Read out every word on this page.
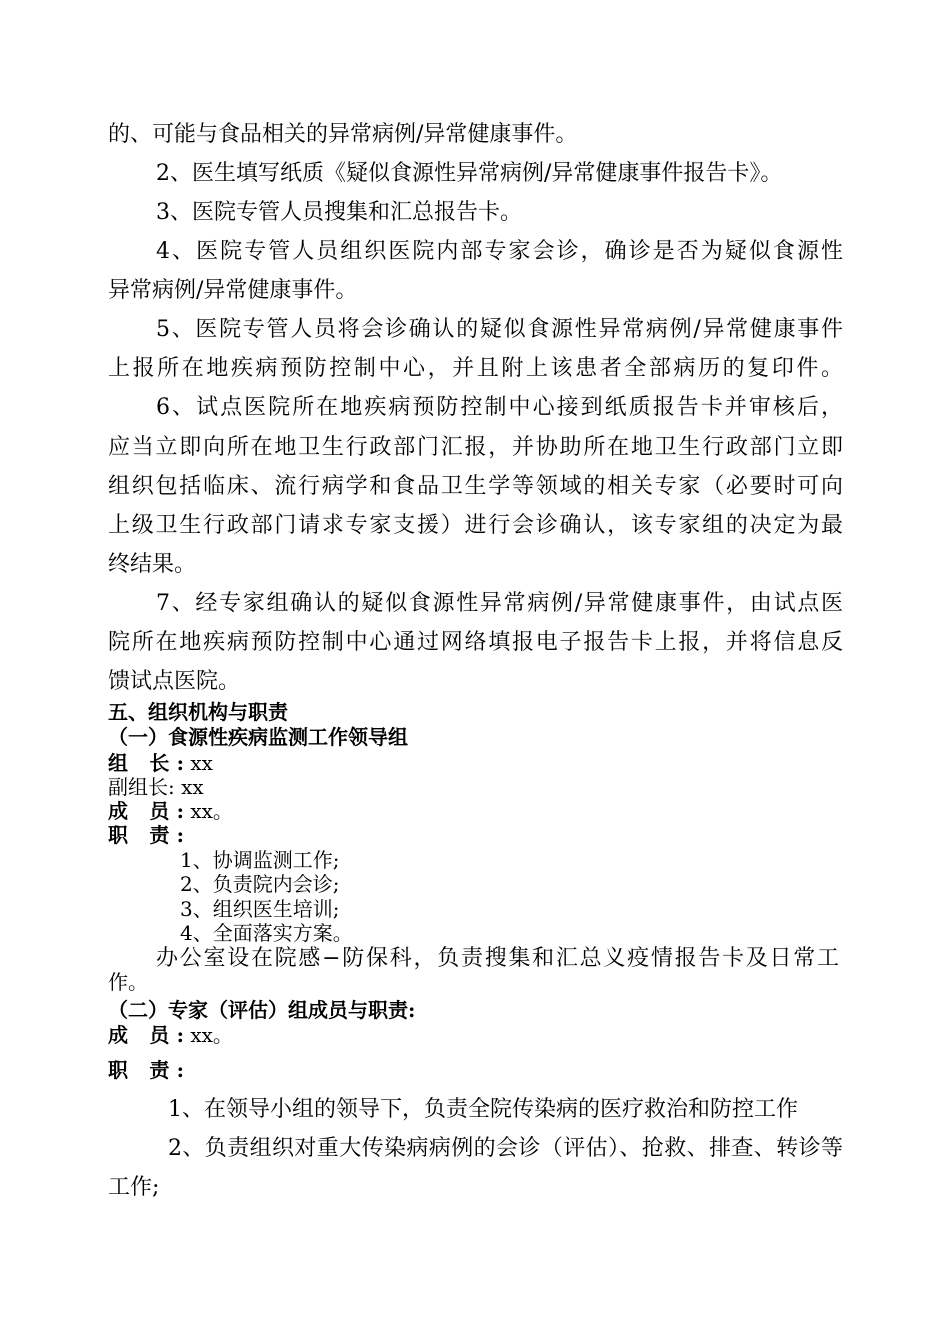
的、可能与食品相关的异常病例/异常健康事件。
2、医生填写纸质《疑似食源性异常病例/异常健康事件报告卡》。
3、医院专管人员搜集和汇总报告卡。
4、医院专管人员组织医院内部专家会诊，确诊是否为疑似食源性
异常病例/异常健康事件。
5、医院专管人员将会诊确认的疑似食源性异常病例/异常健康事件
上报所在地疾病预防控制中心，并且附上该患者全部病历的复印件。
6、试点医院所在地疾病预防控制中心接到纸质报告卡并审核后，
应当立即向所在地卫生行政部门汇报，并协助所在地卫生行政部门立即
组织包括临床、流行病学和食品卫生学等领域的相关专家（必要时可向
上级卫生行政部门请求专家支援）进行会诊确认，该专家组的决定为最
终结果。
7、经专家组确认的疑似食源性异常病例/异常健康事件，由试点医
院所在地疾病预防控制中心通过网络填报电子报告卡上报，并将信息反
馈试点医院。
五、组织机构与职责
（一）食源性疾病监测工作领导组
组 长: xx
副组长: xx
成 员: xx。
职 责:
1、协调监测工作;
2、负责院内会诊;
3、组织医生培训;
4、全面落实方案。
办公室设在院感−防保科，负责搜集和汇总义疫情报告卡及日常工
作。
（二）专家（评估）组成员与职责:
成 员: xx。
职 责:
1、在领导小组的领导下，负责全院传染病的医疗救治和防控工作
2、负责组织对重大传染病病例的会诊（评估）、抢救、排查、转诊等
工作;
